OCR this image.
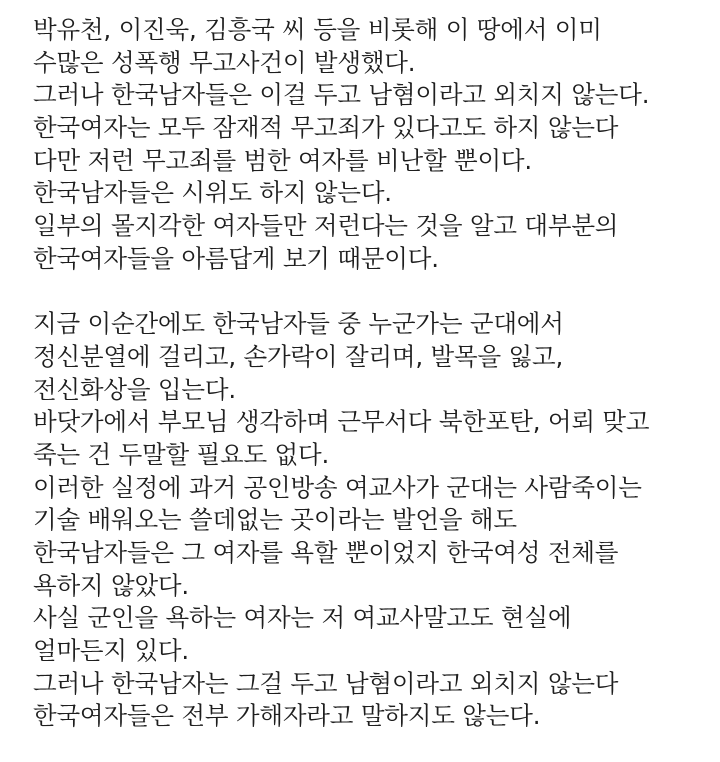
박유천, 이진욱, 김흥국 씨 등을 비롯해 이 땅에서 이미
수많은 성폭행 무고사건이 발생했다.
그러나 한국남자들은 이걸 두고 남혐이라고 외치지 않는다.
한국여자는 모두 잠재적 무고죄가 있다고도 하지 않는다
다만 저런 무고죄를 범한 여자를 비난할 뿐이다.
한국남자들은 시위도 하지 않는다.
일부의 몰지각한 여자들만 저런다는 것을 알고 대부분의
한국여자들을 아름답게 보기 때문이다.
지금 이순간에도 한국남자들 중 누군가는 군대에서
정신분열에 걸리고, 손가락이 잘리며, 발목을 잃고,
전신화상을 입는다.
바닷가에서 부모님 생각하며 근무서다 북한포탄, 어뢰 맞고
죽는 건 두말할 필요도 없다.
이러한 실정에 과거 공인방송 여교사가 군대는 사람죽이는
기술 배워오는 쓸데없는 곳이라는 발언을 해도
한국남자들은 그 여자를 욕할 뿐이었지 한국여성 전체를
욕하지 않았다.
사실 군인을 욕하는 여자는 저 여교사말고도 현실에
얼마든지 있다.
그러나 한국남자는 그걸 두고 남혐이라고 외치지 않는다
한국여자들은 전부 가해자라고 말하지도 않는다.
